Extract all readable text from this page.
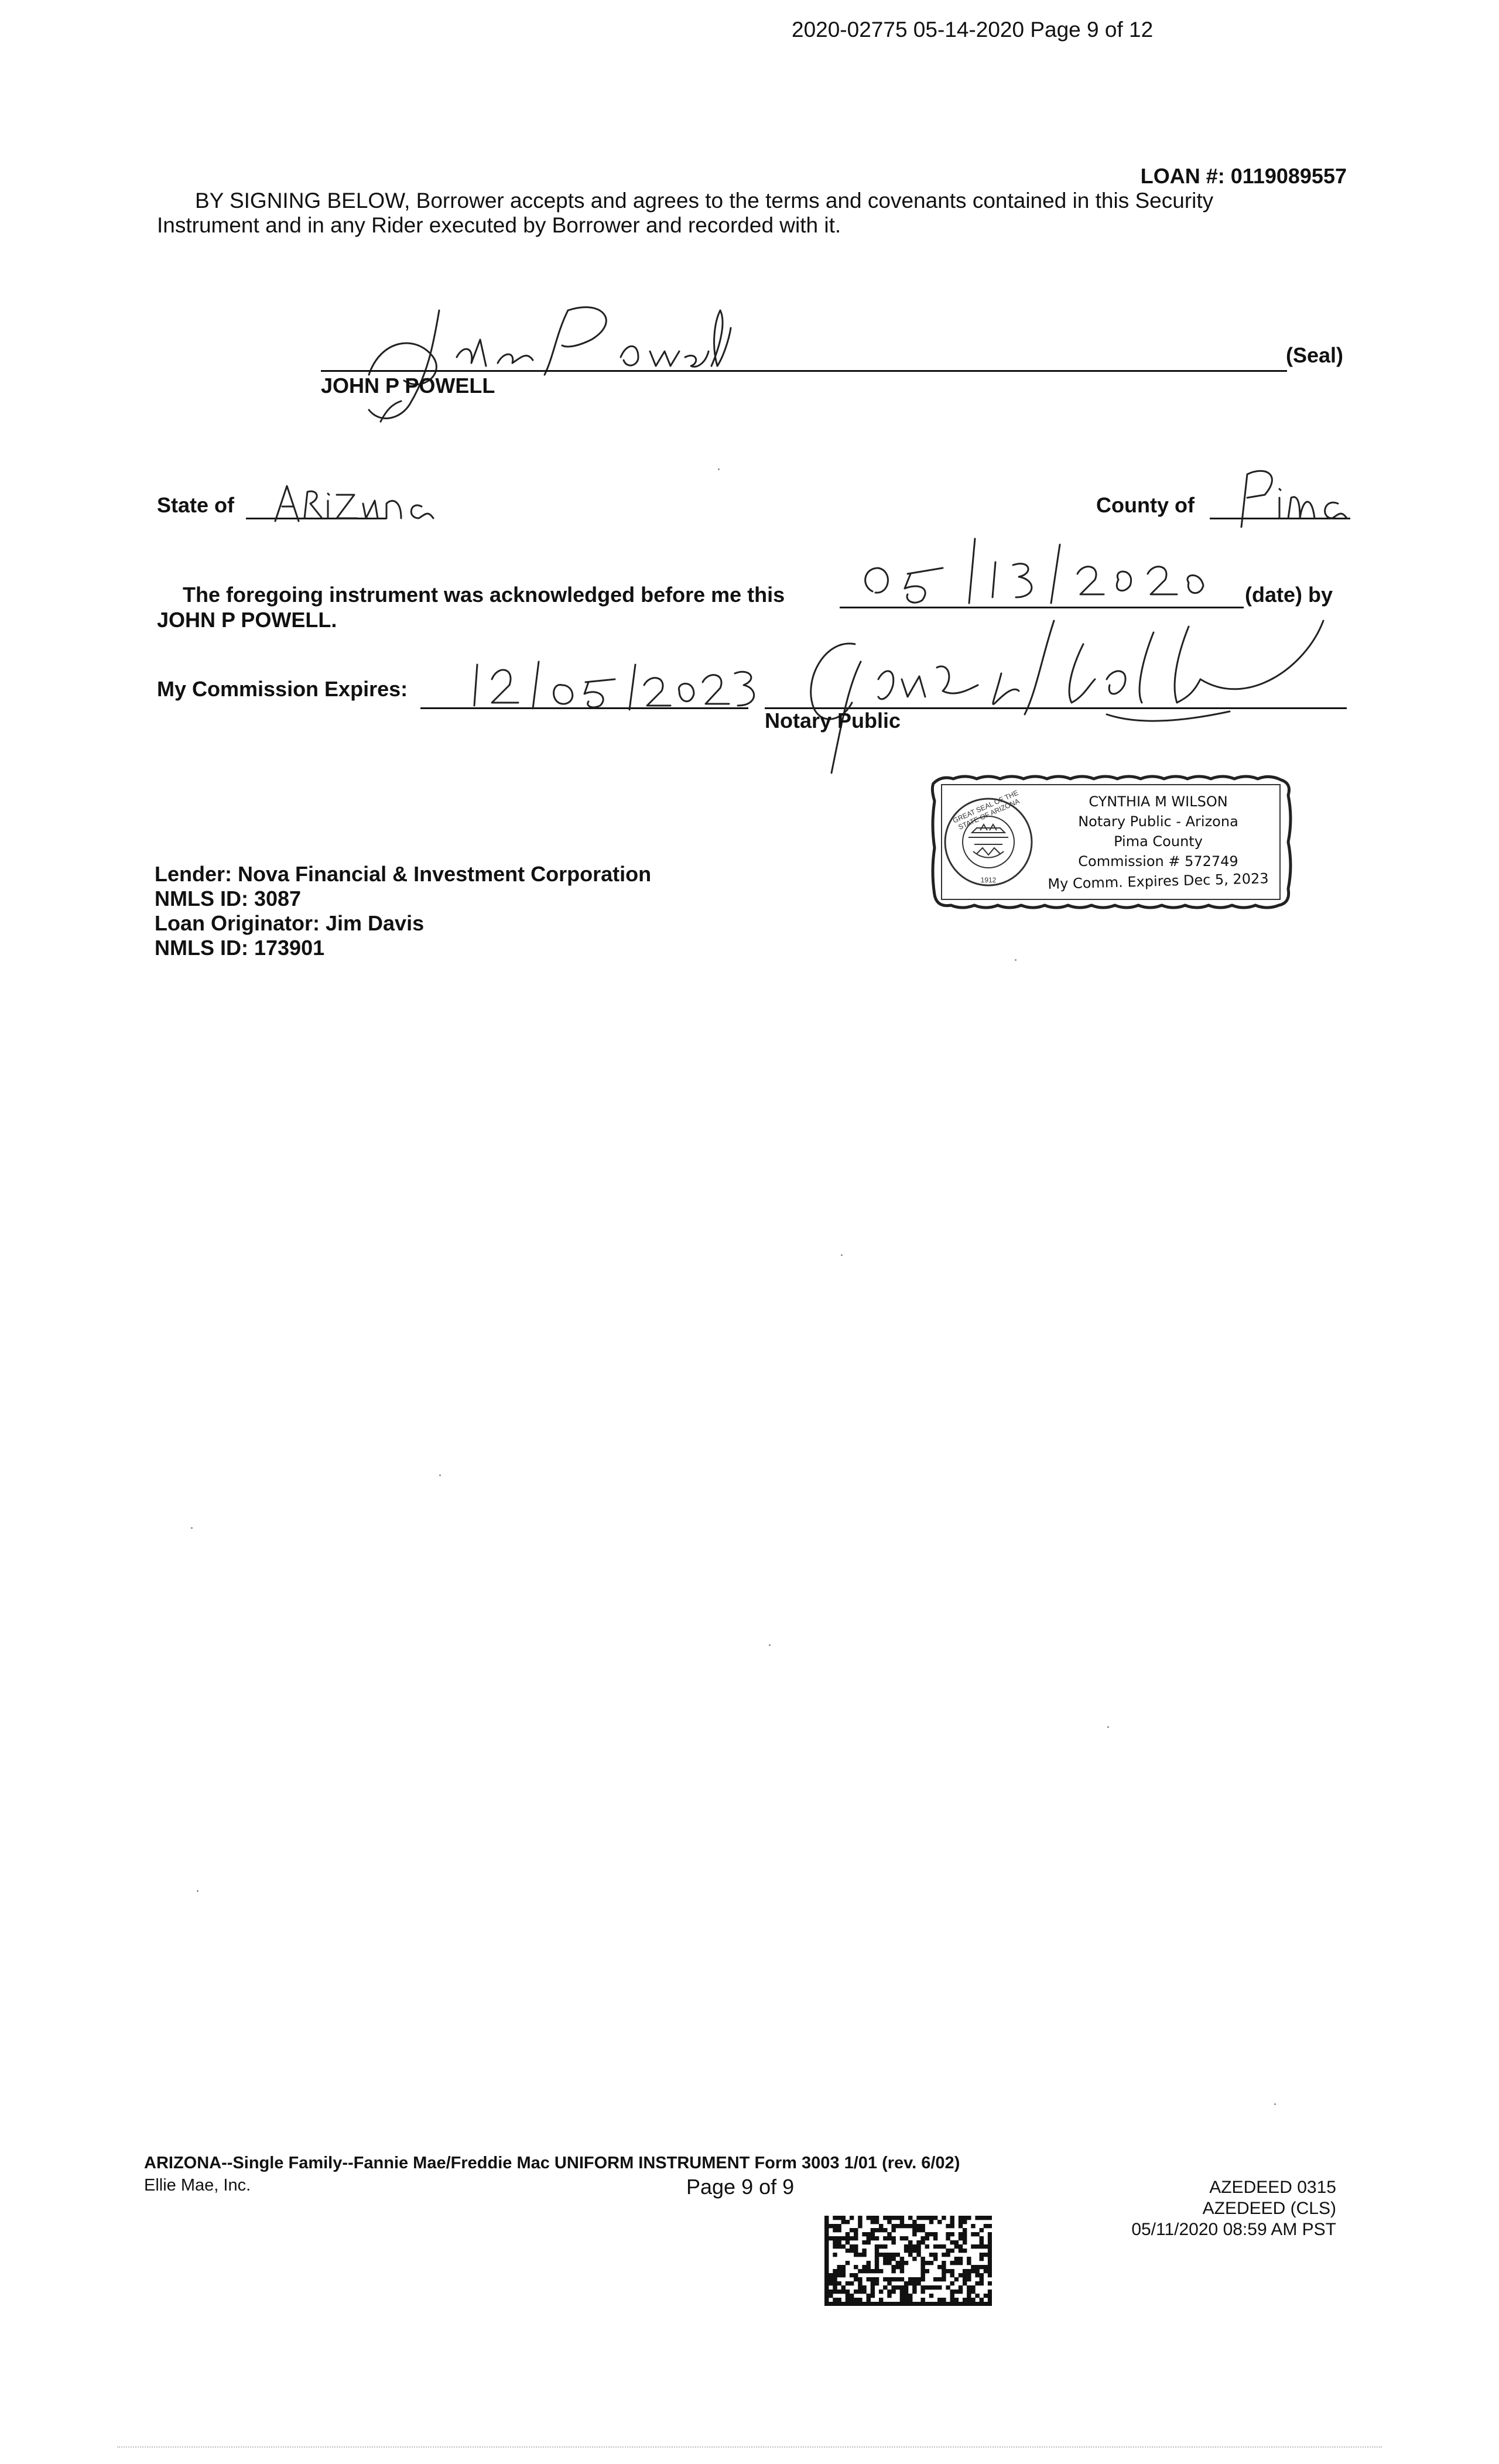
2020-02775 05-14-2020 Page 9 of 12
LOAN #: 0119089557
BY SIGNING BELOW, Borrower accepts and agrees to the terms and covenants contained in this Security
Instrument and in any Rider executed by Borrower and recorded with it.
(Seal)
JOHN P POWELL
State of	County of
The foregoing instrument was acknowledged before me this	(date) by
JOHN P POWELL.
My Commission Expires:
Notary Public
GREAT SEAL OF THE STATE OF ARIZONA
1912
CYNTHIA M WILSON
Notary Public - Arizona
Pima County
Commission # 572749
My Comm. Expires Dec 5, 2023
Lender: Nova Financial & Investment Corporation
NMLS ID: 3087
Loan Originator: Jim Davis
NMLS ID: 173901
ARIZONA--Single Family--Fannie Mae/Freddie Mac UNIFORM INSTRUMENT Form 3003 1/01 (rev. 6/02)
Ellie Mae, Inc.	Page 9 of 9	AZEDEED 0315
AZEDEED (CLS)
05/11/2020 08:59 AM PST
